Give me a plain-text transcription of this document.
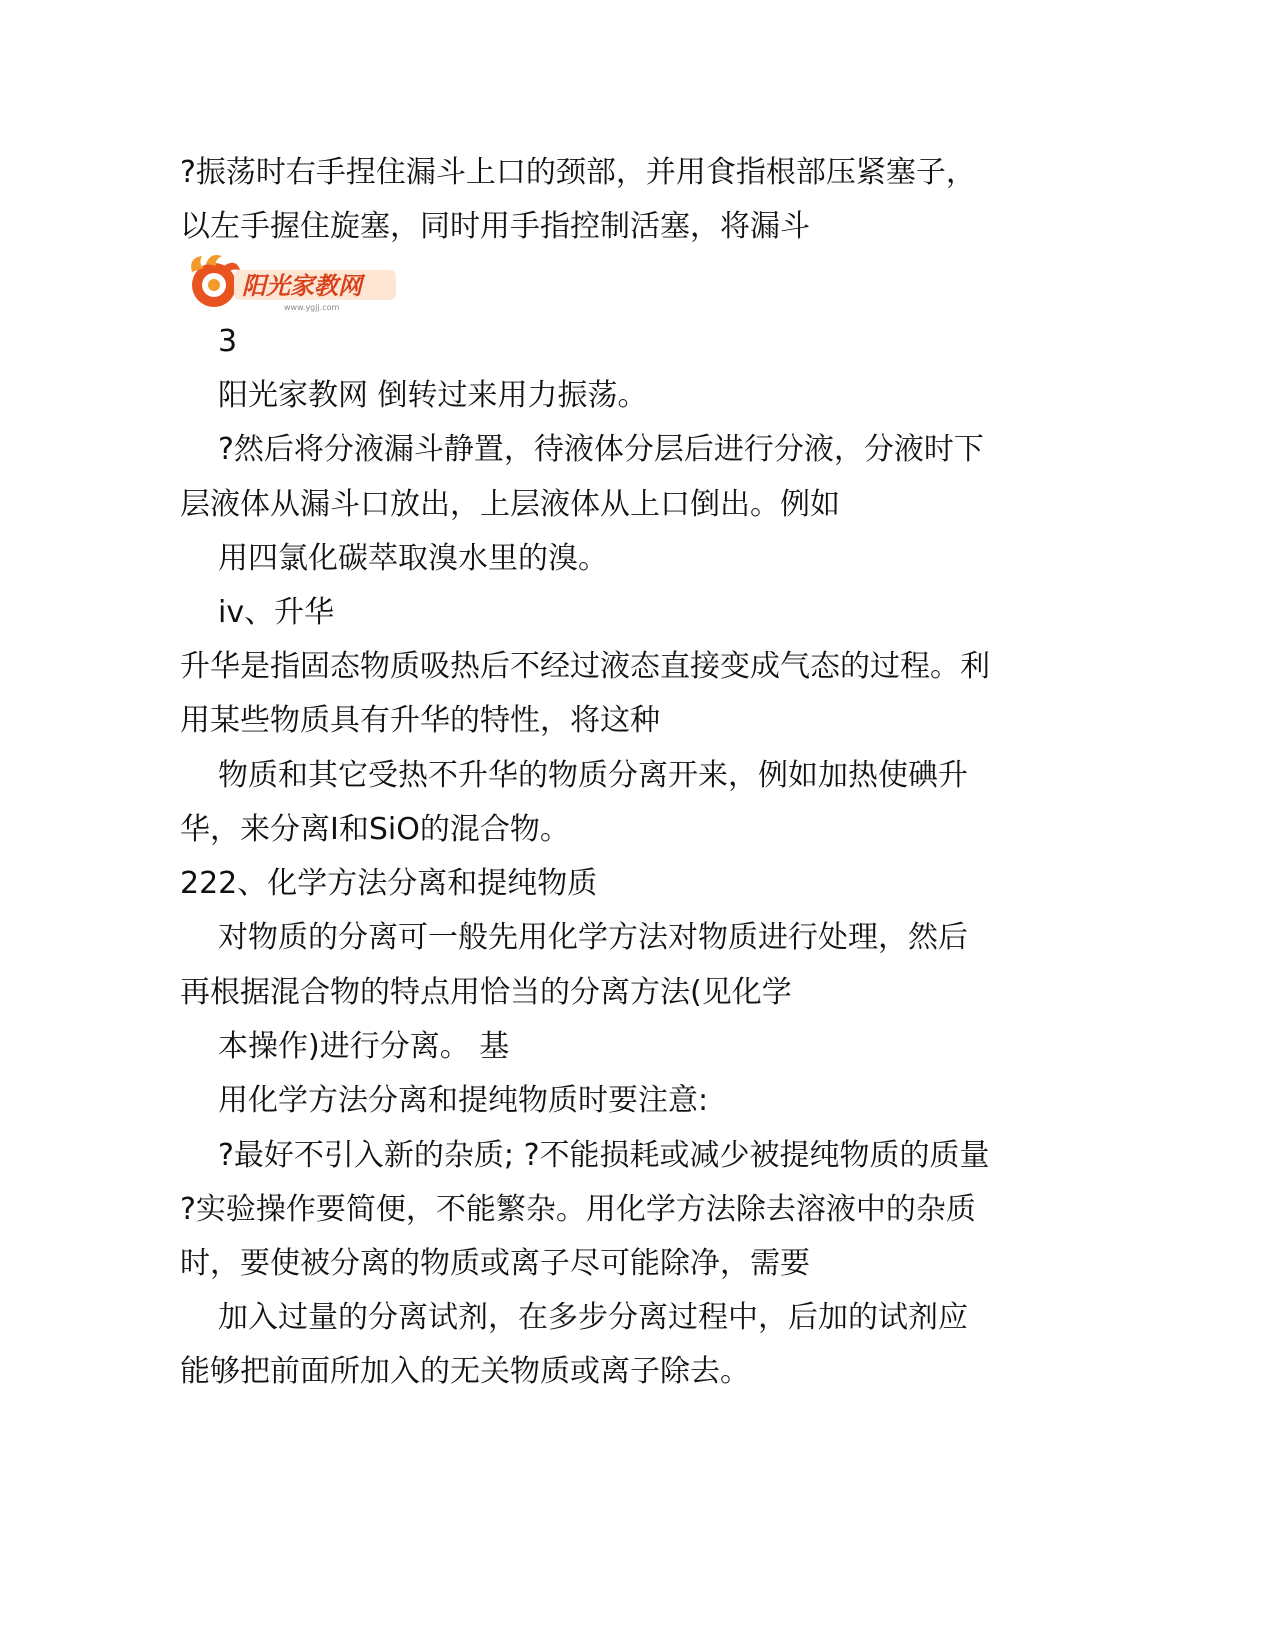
?振荡时右手捏住漏斗上口的颈部，并用食指根部压紧塞子，
以左手握住旋塞，同时用手指控制活塞，将漏斗
阳光家教网
www.ygjj.com
3
阳光家教网 倒转过来用力振荡。
?然后将分液漏斗静置，待液体分层后进行分液，分液时下
层液体从漏斗口放出，上层液体从上口倒出。例如
用四氯化碳萃取溴水里的溴。
iv、升华
升华是指固态物质吸热后不经过液态直接变成气态的过程。利
用某些物质具有升华的特性，将这种
物质和其它受热不升华的物质分离开来，例如加热使碘升
华，来分离I和SiO的混合物。
222、化学方法分离和提纯物质
对物质的分离可一般先用化学方法对物质进行处理，然后
再根据混合物的特点用恰当的分离方法(见化学
本操作)进行分离。 基
用化学方法分离和提纯物质时要注意:
?最好不引入新的杂质; ?不能损耗或减少被提纯物质的质量
?实验操作要简便，不能繁杂。用化学方法除去溶液中的杂质
时，要使被分离的物质或离子尽可能除净，需要
加入过量的分离试剂，在多步分离过程中，后加的试剂应
能够把前面所加入的无关物质或离子除去。
